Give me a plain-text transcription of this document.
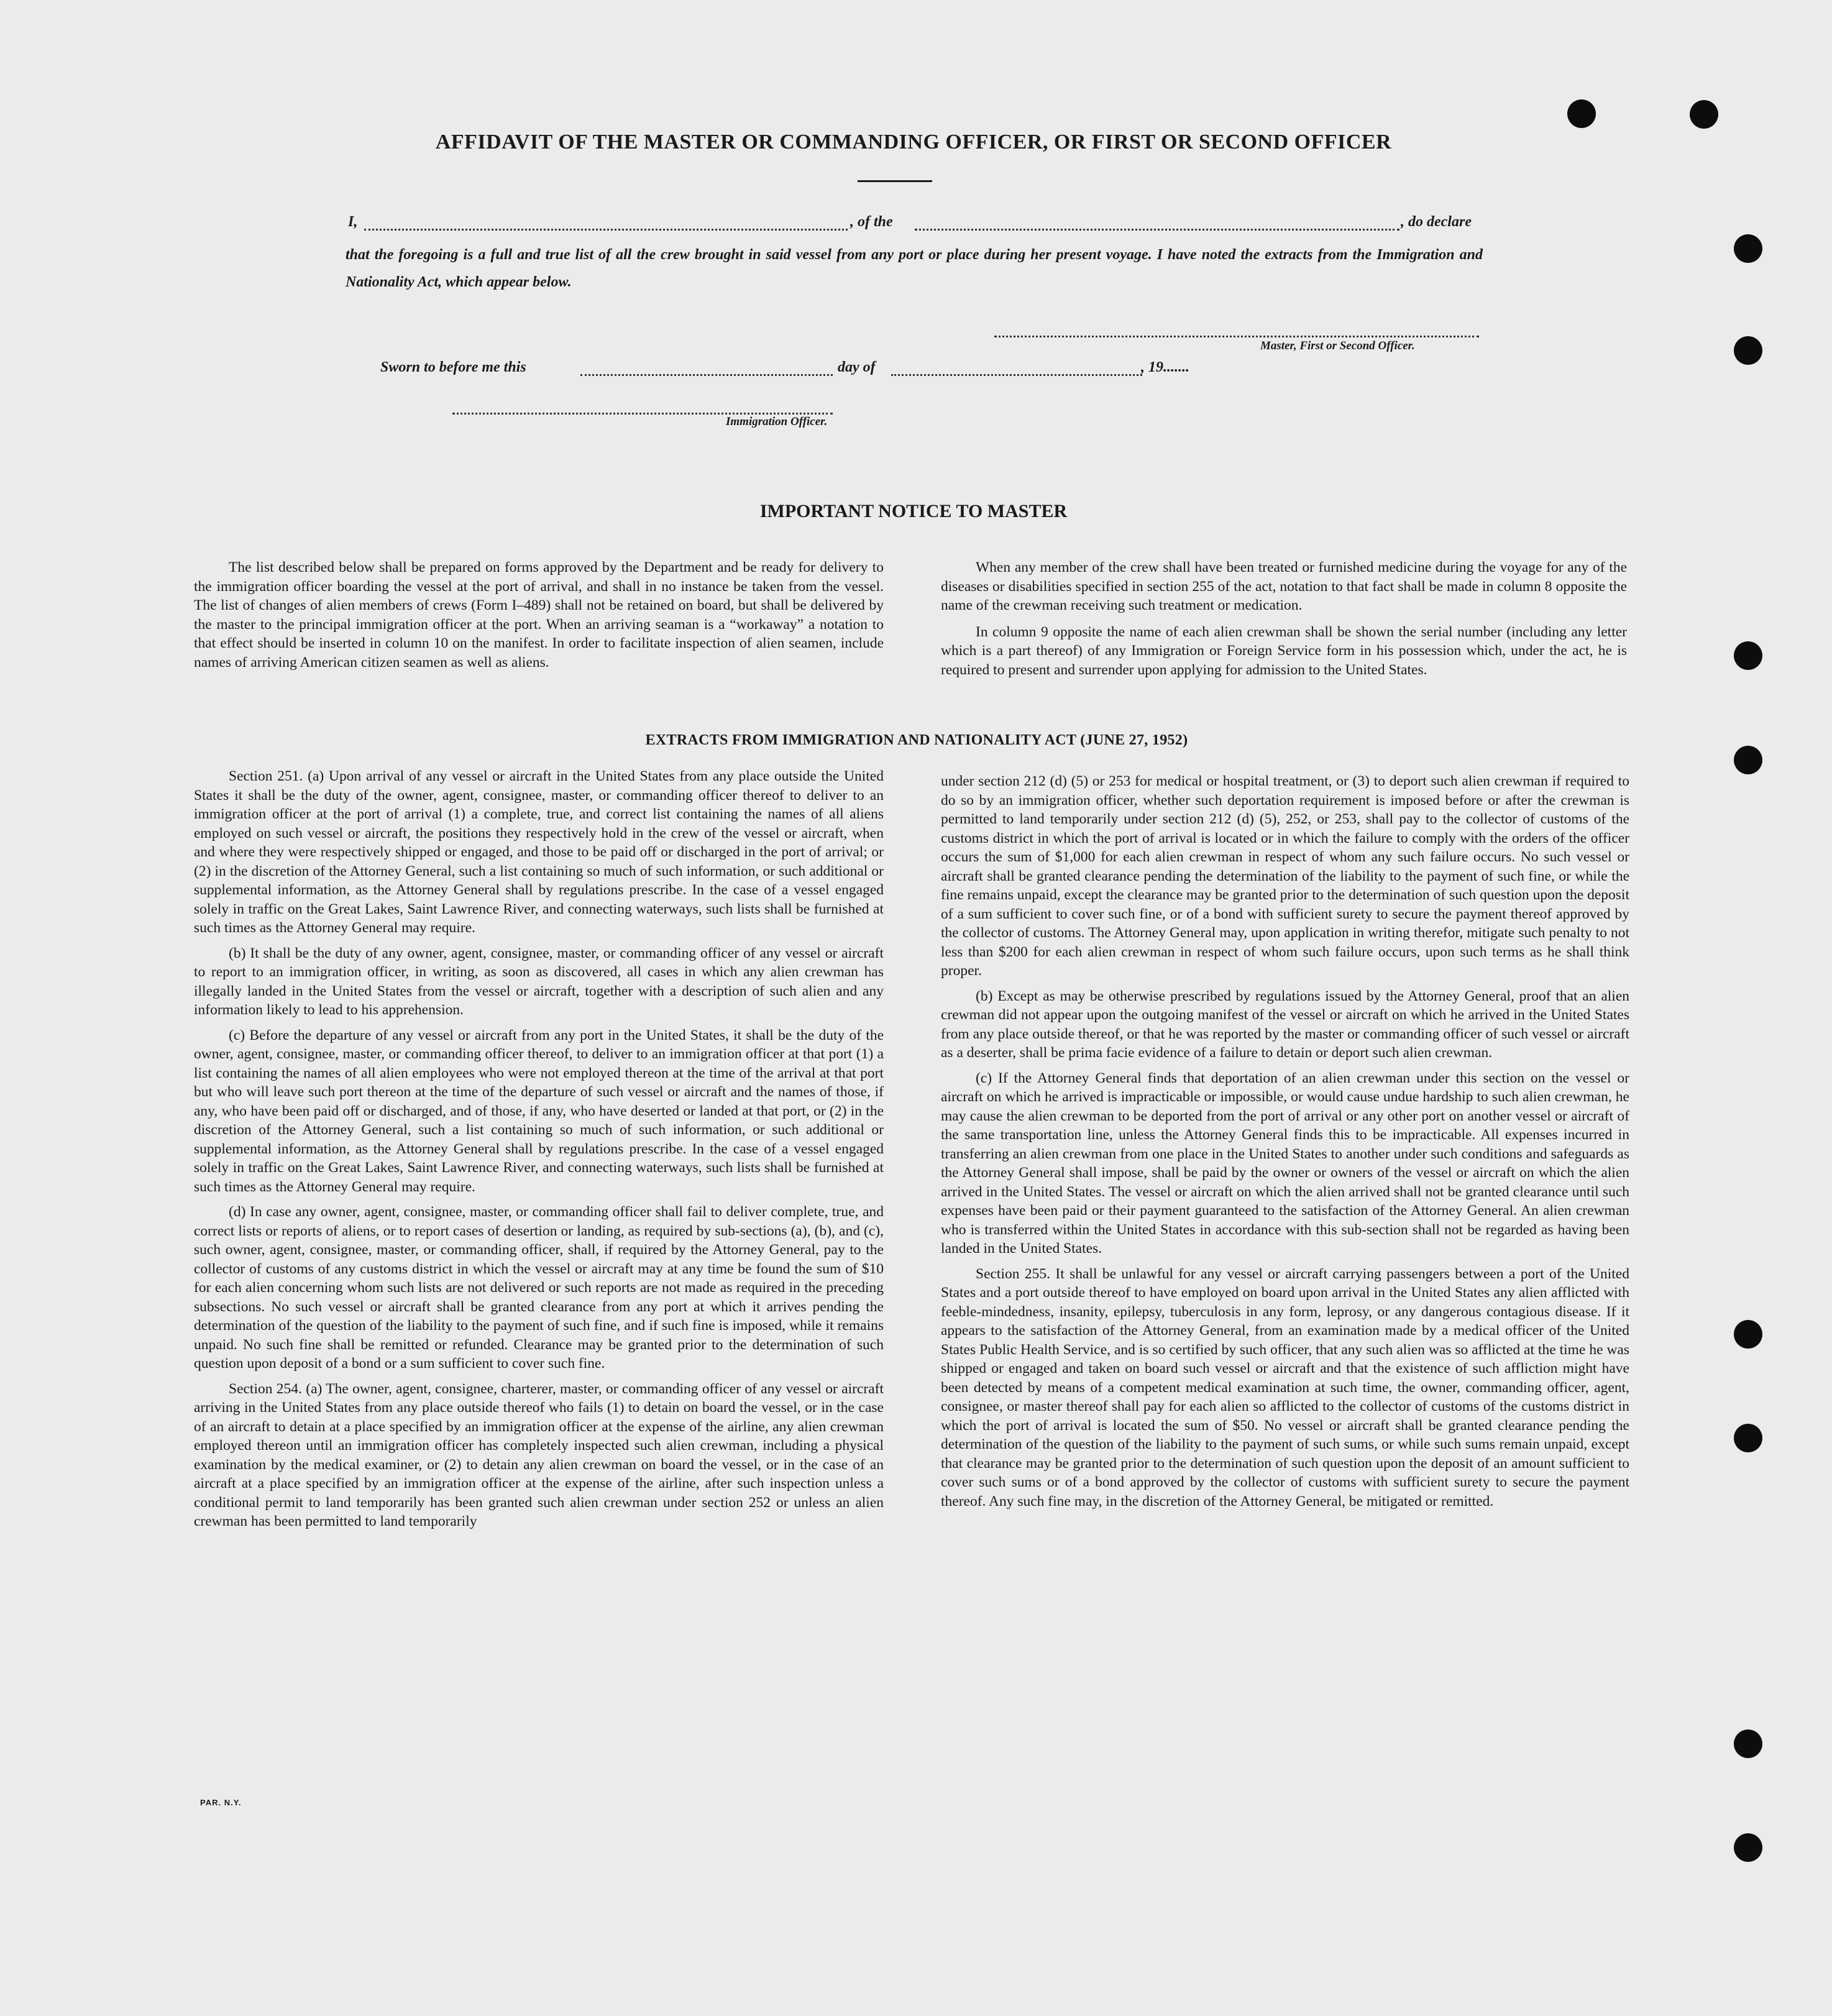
AFFIDAVIT OF THE MASTER OR COMMANDING OFFICER, OR FIRST OR SECOND OFFICER
I,	, of the	, do declare
that the foregoing is a full and true list of all the crew brought in said vessel from any port or place during her present voyage. I have noted the extracts from the Immigration and Nationality Act, which appear below.
Master, First or Second Officer.
Sworn to before me this	day of	, 19.......
Immigration Officer.
IMPORTANT NOTICE TO MASTER

The list described below shall be prepared on forms approved by the Department and be ready for delivery to the immigration officer boarding the vessel at the port of arrival, and shall in no instance be taken from the vessel. The list of changes of alien members of crews (Form I–489) shall not be retained on board, but shall be delivered by the master to the principal immigration officer at the port. When an arriving seaman is a “workaway” a notation to that effect should be inserted in column 10 on the manifest. In order to facilitate inspection of alien seamen, include names of arriving American citizen seamen as well as aliens.

When any member of the crew shall have been treated or furnished medicine during the voyage for any of the diseases or disabilities specified in section 255 of the act, notation to that fact shall be made in column 8 opposite the name of the crewman receiving such treatment or medication.

In column 9 opposite the name of each alien crewman shall be shown the serial number (including any letter which is a part thereof) of any Immigration or Foreign Service form in his possession which, under the act, he is required to present and surrender upon applying for admission to the United States.

EXTRACTS FROM IMMIGRATION AND NATIONALITY ACT (JUNE 27, 1952)

Section 251. (a) Upon arrival of any vessel or aircraft in the United States from any place outside the United States it shall be the duty of the owner, agent, consignee, master, or commanding officer thereof to deliver to an immigration officer at the port of arrival (1) a complete, true, and correct list containing the names of all aliens employed on such vessel or aircraft, the positions they respectively hold in the crew of the vessel or aircraft, when and where they were respectively shipped or engaged, and those to be paid off or discharged in the port of arrival; or (2) in the discretion of the Attorney General, such a list containing so much of such information, or such additional or supplemental information, as the Attorney General shall by regulations prescribe. In the case of a vessel engaged solely in traffic on the Great Lakes, Saint Lawrence River, and connecting waterways, such lists shall be furnished at such times as the Attorney General may require.

(b) It shall be the duty of any owner, agent, consignee, master, or commanding officer of any vessel or aircraft to report to an immigration officer, in writing, as soon as discovered, all cases in which any alien crewman has illegally landed in the United States from the vessel or aircraft, together with a description of such alien and any information likely to lead to his apprehension.

(c) Before the departure of any vessel or aircraft from any port in the United States, it shall be the duty of the owner, agent, consignee, master, or commanding officer thereof, to deliver to an immigration officer at that port (1) a list containing the names of all alien employees who were not employed thereon at the time of the arrival at that port but who will leave such port thereon at the time of the departure of such vessel or aircraft and the names of those, if any, who have been paid off or discharged, and of those, if any, who have deserted or landed at that port, or (2) in the discretion of the Attorney General, such a list containing so much of such information, or such additional or supplemental information, as the Attorney General shall by regulations prescribe. In the case of a vessel engaged solely in traffic on the Great Lakes, Saint Lawrence River, and connecting waterways, such lists shall be furnished at such times as the Attorney General may require.

(d) In case any owner, agent, consignee, master, or commanding officer shall fail to deliver complete, true, and correct lists or reports of aliens, or to report cases of desertion or landing, as required by sub-sections (a), (b), and (c), such owner, agent, consignee, master, or commanding officer, shall, if required by the Attorney General, pay to the collector of customs of any customs district in which the vessel or aircraft may at any time be found the sum of $10 for each alien concerning whom such lists are not delivered or such reports are not made as required in the preceding subsections. No such vessel or aircraft shall be granted clearance from any port at which it arrives pending the determination of the question of the liability to the payment of such fine, and if such fine is imposed, while it remains unpaid. No such fine shall be remitted or refunded. Clearance may be granted prior to the determination of such question upon deposit of a bond or a sum sufficient to cover such fine.

Section 254. (a) The owner, agent, consignee, charterer, master, or commanding officer of any vessel or aircraft arriving in the United States from any place outside thereof who fails (1) to detain on board the vessel, or in the case of an aircraft to detain at a place specified by an immigration officer at the expense of the airline, any alien crewman employed thereon until an immigration officer has completely inspected such alien crewman, including a physical examination by the medical examiner, or (2) to detain any alien crewman on board the vessel, or in the case of an aircraft at a place specified by an immigration officer at the expense of the airline, after such inspection unless a conditional permit to land temporarily has been granted such alien crewman under section 252 or unless an alien crewman has been permitted to land temporarily

under section 212 (d) (5) or 253 for medical or hospital treatment, or (3) to deport such alien crewman if required to do so by an immigration officer, whether such deportation requirement is imposed before or after the crewman is permitted to land temporarily under section 212 (d) (5), 252, or 253, shall pay to the collector of customs of the customs district in which the port of arrival is located or in which the failure to comply with the orders of the officer occurs the sum of $1,000 for each alien crewman in respect of whom any such failure occurs. No such vessel or aircraft shall be granted clearance pending the determination of the liability to the payment of such fine, or while the fine remains unpaid, except the clearance may be granted prior to the determination of such question upon the deposit of a sum sufficient to cover such fine, or of a bond with sufficient surety to secure the payment thereof approved by the collector of customs. The Attorney General may, upon application in writing therefor, mitigate such penalty to not less than $200 for each alien crewman in respect of whom such failure occurs, upon such terms as he shall think proper.

(b) Except as may be otherwise prescribed by regulations issued by the Attorney General, proof that an alien crewman did not appear upon the outgoing manifest of the vessel or aircraft on which he arrived in the United States from any place outside thereof, or that he was reported by the master or commanding officer of such vessel or aircraft as a deserter, shall be prima facie evidence of a failure to detain or deport such alien crewman.

(c) If the Attorney General finds that deportation of an alien crewman under this section on the vessel or aircraft on which he arrived is impracticable or impossible, or would cause undue hardship to such alien crewman, he may cause the alien crewman to be deported from the port of arrival or any other port on another vessel or aircraft of the same transportation line, unless the Attorney General finds this to be impracticable. All expenses incurred in transferring an alien crewman from one place in the United States to another under such conditions and safeguards as the Attorney General shall impose, shall be paid by the owner or owners of the vessel or aircraft on which the alien arrived in the United States. The vessel or aircraft on which the alien arrived shall not be granted clearance until such expenses have been paid or their payment guaranteed to the satisfaction of the Attorney General. An alien crewman who is transferred within the United States in accordance with this sub-section shall not be regarded as having been landed in the United States.

Section 255. It shall be unlawful for any vessel or aircraft carrying passengers between a port of the United States and a port outside thereof to have employed on board upon arrival in the United States any alien afflicted with feeble-mindedness, insanity, epilepsy, tuberculosis in any form, leprosy, or any dangerous contagious disease. If it appears to the satisfaction of the Attorney General, from an examination made by a medical officer of the United States Public Health Service, and is so certified by such officer, that any such alien was so afflicted at the time he was shipped or engaged and taken on board such vessel or aircraft and that the existence of such affliction might have been detected by means of a competent medical examination at such time, the owner, commanding officer, agent, consignee, or master thereof shall pay for each alien so afflicted to the collector of customs of the customs district in which the port of arrival is located the sum of $50. No vessel or aircraft shall be granted clearance pending the determination of the question of the liability to the payment of such sums, or while such sums remain unpaid, except that clearance may be granted prior to the determination of such question upon the deposit of an amount sufficient to cover such sums or of a bond approved by the collector of customs with sufficient surety to secure the payment thereof. Any such fine may, in the discretion of the Attorney General, be mitigated or remitted.

PAR. N.Y.
